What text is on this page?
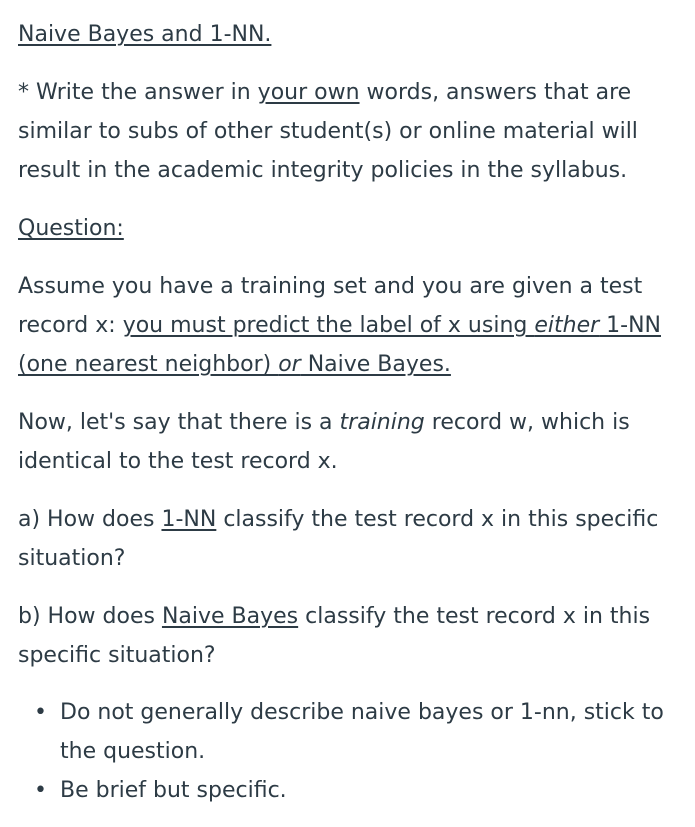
Naive Bayes and 1-NN.

* Write the answer in your own words, answers that are similar to subs of other student(s) or online material will result in the academic integrity policies in the syllabus.

Question:

Assume you have a training set and you are given a test record x: you must predict the label of x using either 1-NN (one nearest neighbor) or Naive Bayes.

Now, let's say that there is a training record w, which is identical to the test record x.

a) How does 1-NN classify the test record x in this specific situation?

b) How does Naive Bayes classify the test record x in this specific situation?

• Do not generally describe naive bayes or 1-nn, stick to the question.
• Be brief but specific.
